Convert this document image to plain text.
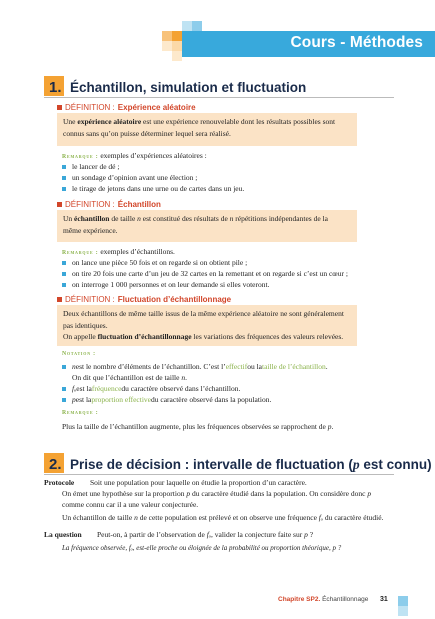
Cours - Méthodes
1. Échantillon, simulation et fluctuation
DÉFINITION : Expérience aléatoire
Une expérience aléatoire est une expérience renouvelable dont les résultats possibles sont
connus sans qu’on puisse déterminer lequel sera réalisé.
Remarque : exemples d’expériences aléatoires :
le lancer de dé ;
un sondage d’opinion avant une élection ;
le tirage de jetons dans une urne ou de cartes dans un jeu.
DÉFINITION : Échantillon
Un échantillon de taille n est constitué des résultats de n répétitions indépendantes de la
même expérience.
Remarque : exemples d’échantillons.
on lance une pièce 50 fois et on regarde si on obtient pile ;
on tire 20 fois une carte d’un jeu de 32 cartes en la remettant et on regarde si c’est un cœur ;
on interroge 1 000 personnes et on leur demande si elles voteront.
DÉFINITION : Fluctuation d’échantillonnage
Deux échantillons de même taille issus de la même expérience aléatoire ne sont généralement
pas identiques.
On appelle fluctuation d’échantillonnage les variations des fréquences des valeurs relevées.
Notation :
n est le nombre d’éléments de l’échantillon. C’est l’ effectif ou la taille de l’échantillon .
On dit que l’échantillon est de taille n.
fₒ est la fréquence du caractère observé dans l’échantillon.
p est la proportion effective du caractère observé dans la population.
Remarque :
Plus la taille de l’échantillon augmente, plus les fréquences observées se rapprochent de p.
2. Prise de décision : intervalle de fluctuation (p est connu)
Protocole Soit une population pour laquelle on étudie la proportion d’un caractère.
On émet une hypothèse sur la proportion p du caractère étudié dans la population. On considère donc p
comme connu car il a une valeur conjecturée.
Un échantillon de taille n de cette population est prélevé et on observe une fréquence fₒ du caractère étudié.
La question Peut-on, à partir de l’observation de fₒ, valider la conjecture faite sur p ?
La fréquence observée, fₒ, est-elle proche ou éloignée de la probabilité ou proportion théorique, p ?
Chapitre SP2. Échantillonnage 31
